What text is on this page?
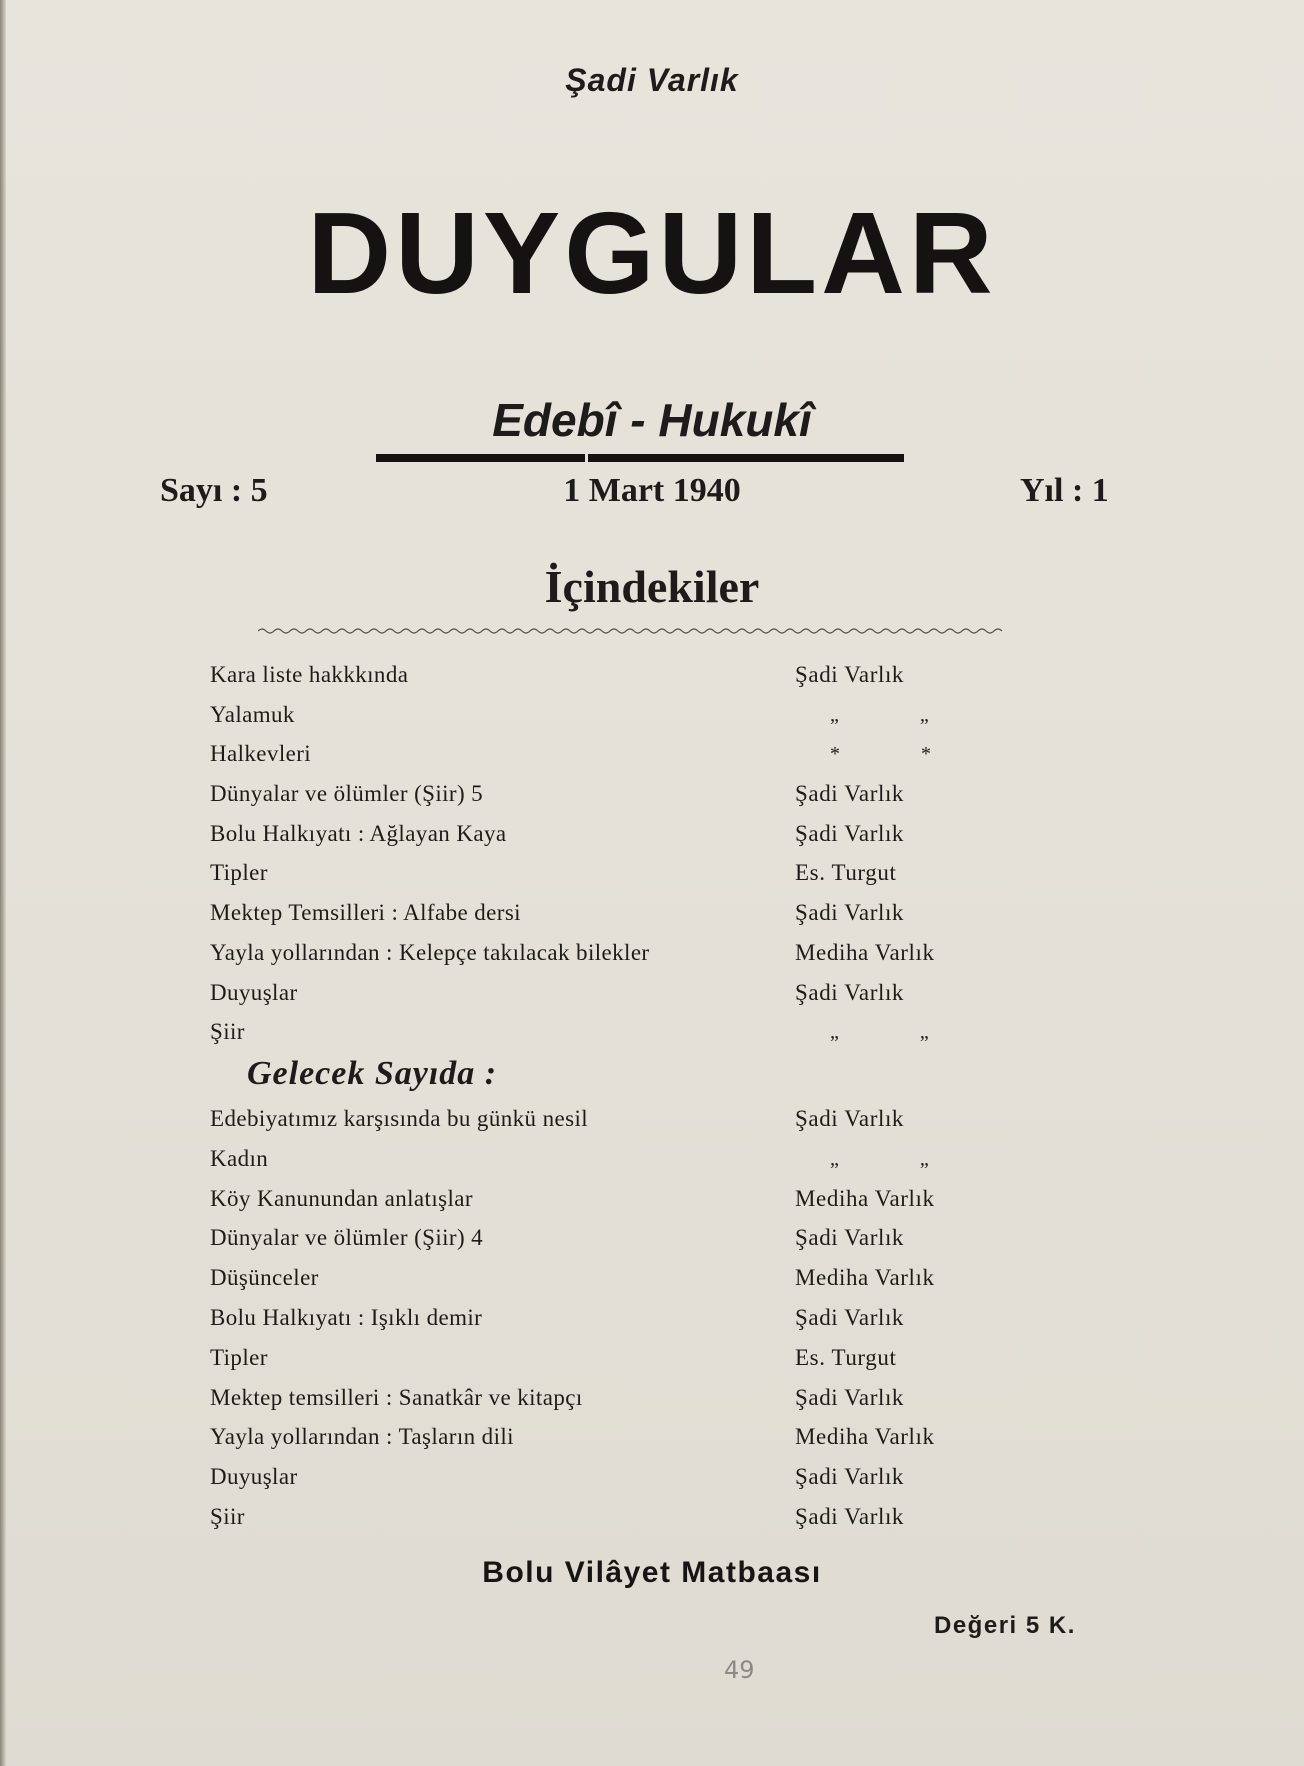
Şadi Varlık
DUYGULAR
Edebî - Hukukî
Sayı : 5	1 Mart 1940	Yıl : 1
İçindekiler
Kara liste hakkkında	Şadi Varlık
Yalamuk	„ „
Halkevleri	* *
Dünyalar ve ölümler (Şiir) 5	Şadi Varlık
Bolu Halkıyatı : Ağlayan Kaya	Şadi Varlık
Tipler	Es. Turgut
Mektep Temsilleri : Alfabe dersi	Şadi Varlık
Yayla yollarından : Kelepçe takılacak bilekler	Mediha Varlık
Duyuşlar	Şadi Varlık
Şiir	„ „
Gelecek Sayıda :
Edebiyatımız karşısında bu günkü nesil	Şadi Varlık
Kadın	„ „
Köy Kanunundan anlatışlar	Mediha Varlık
Dünyalar ve ölümler (Şiir) 4	Şadi Varlık
Düşünceler	Mediha Varlık
Bolu Halkıyatı : Işıklı demir	Şadi Varlık
Tipler	Es. Turgut
Mektep temsilleri : Sanatkâr ve kitapçı	Şadi Varlık
Yayla yollarından : Taşların dili	Mediha Varlık
Duyuşlar	Şadi Varlık
Şiir	Şadi Varlık
Bolu Vilâyet Matbaası
Değeri 5 K.
49
